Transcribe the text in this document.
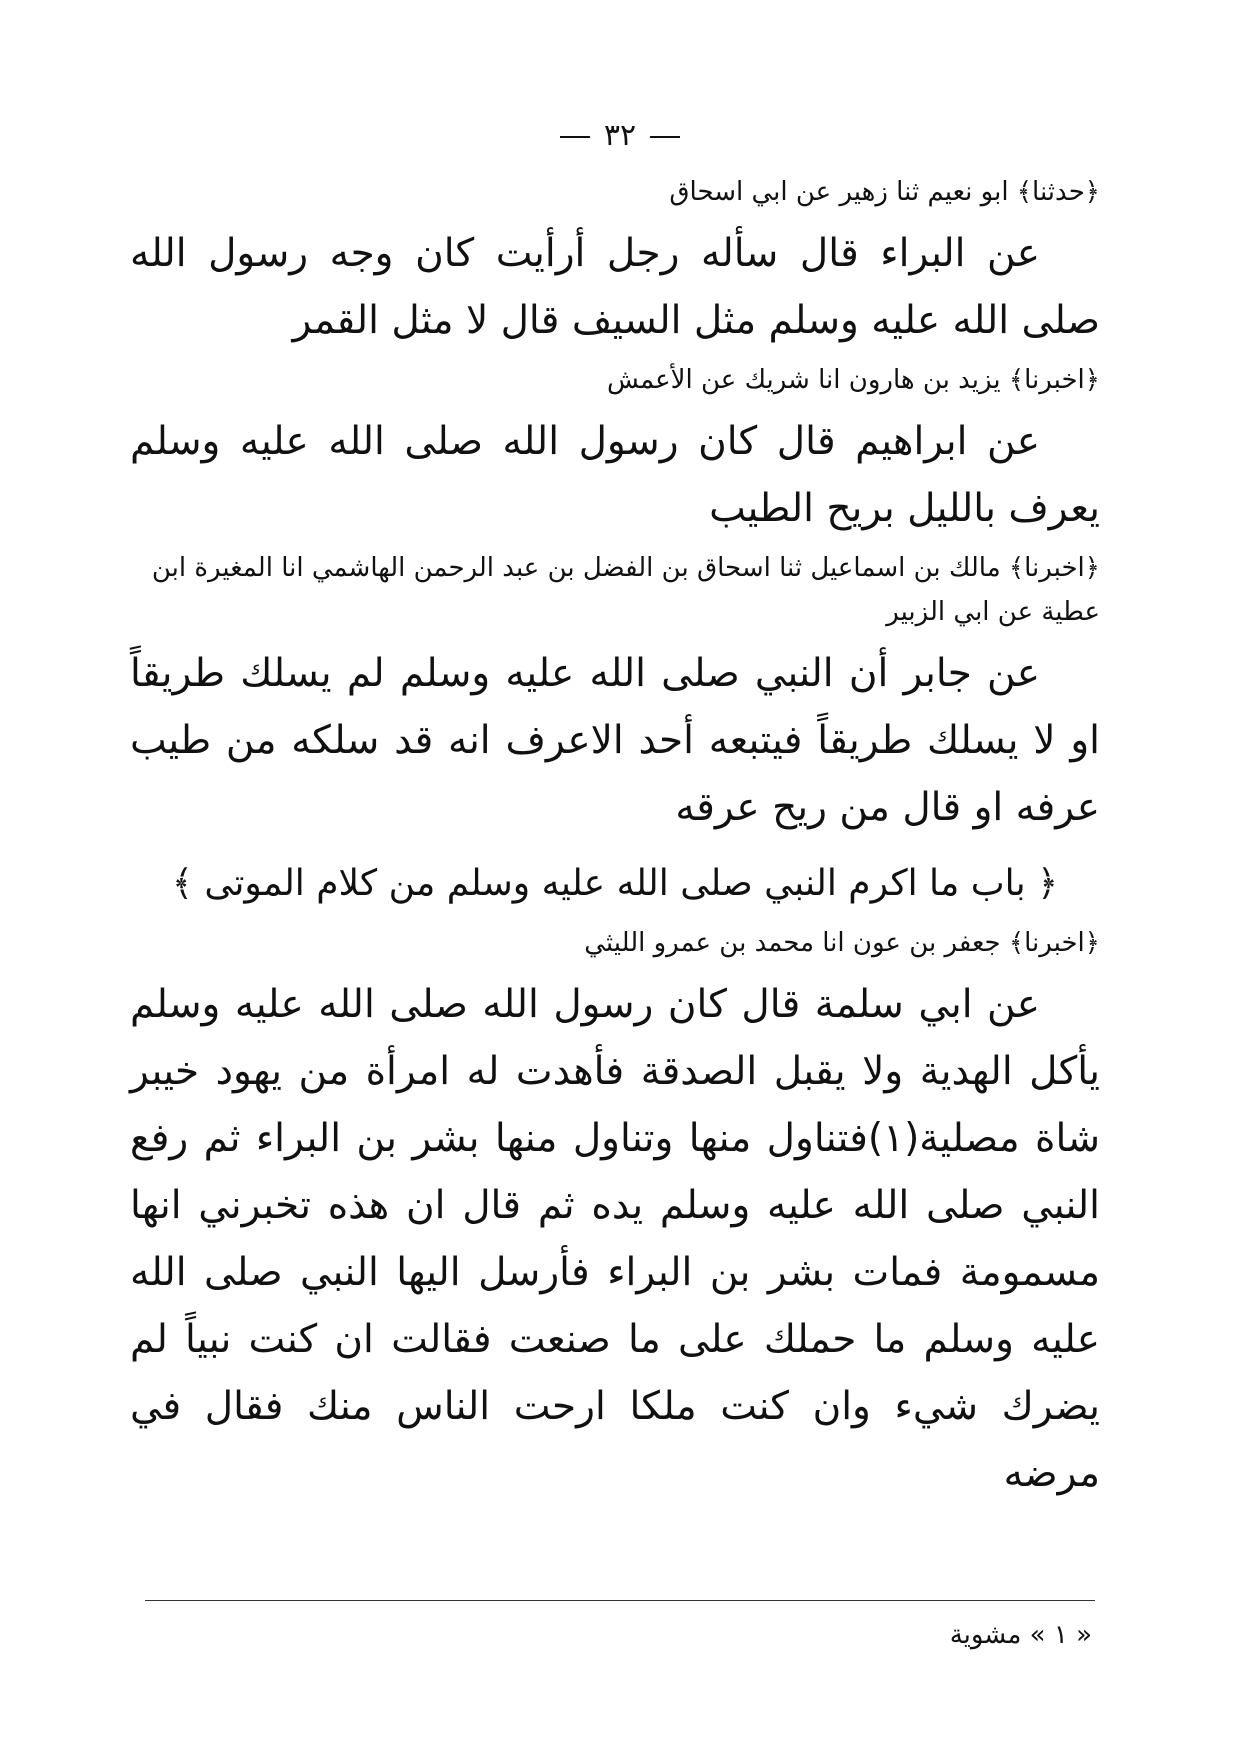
٣٢

﴿حدثنا﴾ ابو نعيم ثنا زهير عن ابي اسحاق

عن البراء قال سأله رجل أرأيت كان وجه رسول الله صلى الله عليه وسلم مثل السيف قال لا مثل القمر

﴿اخبرنا﴾ يزيد بن هارون انا شريك عن الأعمش

عن ابراهيم قال كان رسول الله صلى الله عليه وسلم يعرف بالليل بريح الطيب

﴿اخبرنا﴾ مالك بن اسماعيل ثنا اسحاق بن الفضل بن عبد الرحمن الهاشمي انا المغيرة ابن عطية عن ابي الزبير

عن جابر أن النبي صلى الله عليه وسلم لم يسلك طريقاً او لا يسلك طريقاً فيتبعه أحد الاعرف انه قد سلكه من طيب عرفه او قال من ريح عرقه

﴿ باب ما اكرم النبي صلى الله عليه وسلم من كلام الموتى ﴾

﴿اخبرنا﴾ جعفر بن عون انا محمد بن عمرو الليثي

عن ابي سلمة قال كان رسول الله صلى الله عليه وسلم يأكل الهدية ولا يقبل الصدقة فأهدت له امرأة من يهود خيبر شاة مصلية(١)فتناول منها وتناول منها بشر بن البراء ثم رفع النبي صلى الله عليه وسلم يده ثم قال ان هذه تخبرني انها مسمومة فمات بشر بن البراء فأرسل اليها النبي صلى الله عليه وسلم ما حملك على ما صنعت فقالت ان كنت نبياً لم يضرك شيء وان كنت ملكا ارحت الناس منك فقال في مرضه

« ١ » مشوية
